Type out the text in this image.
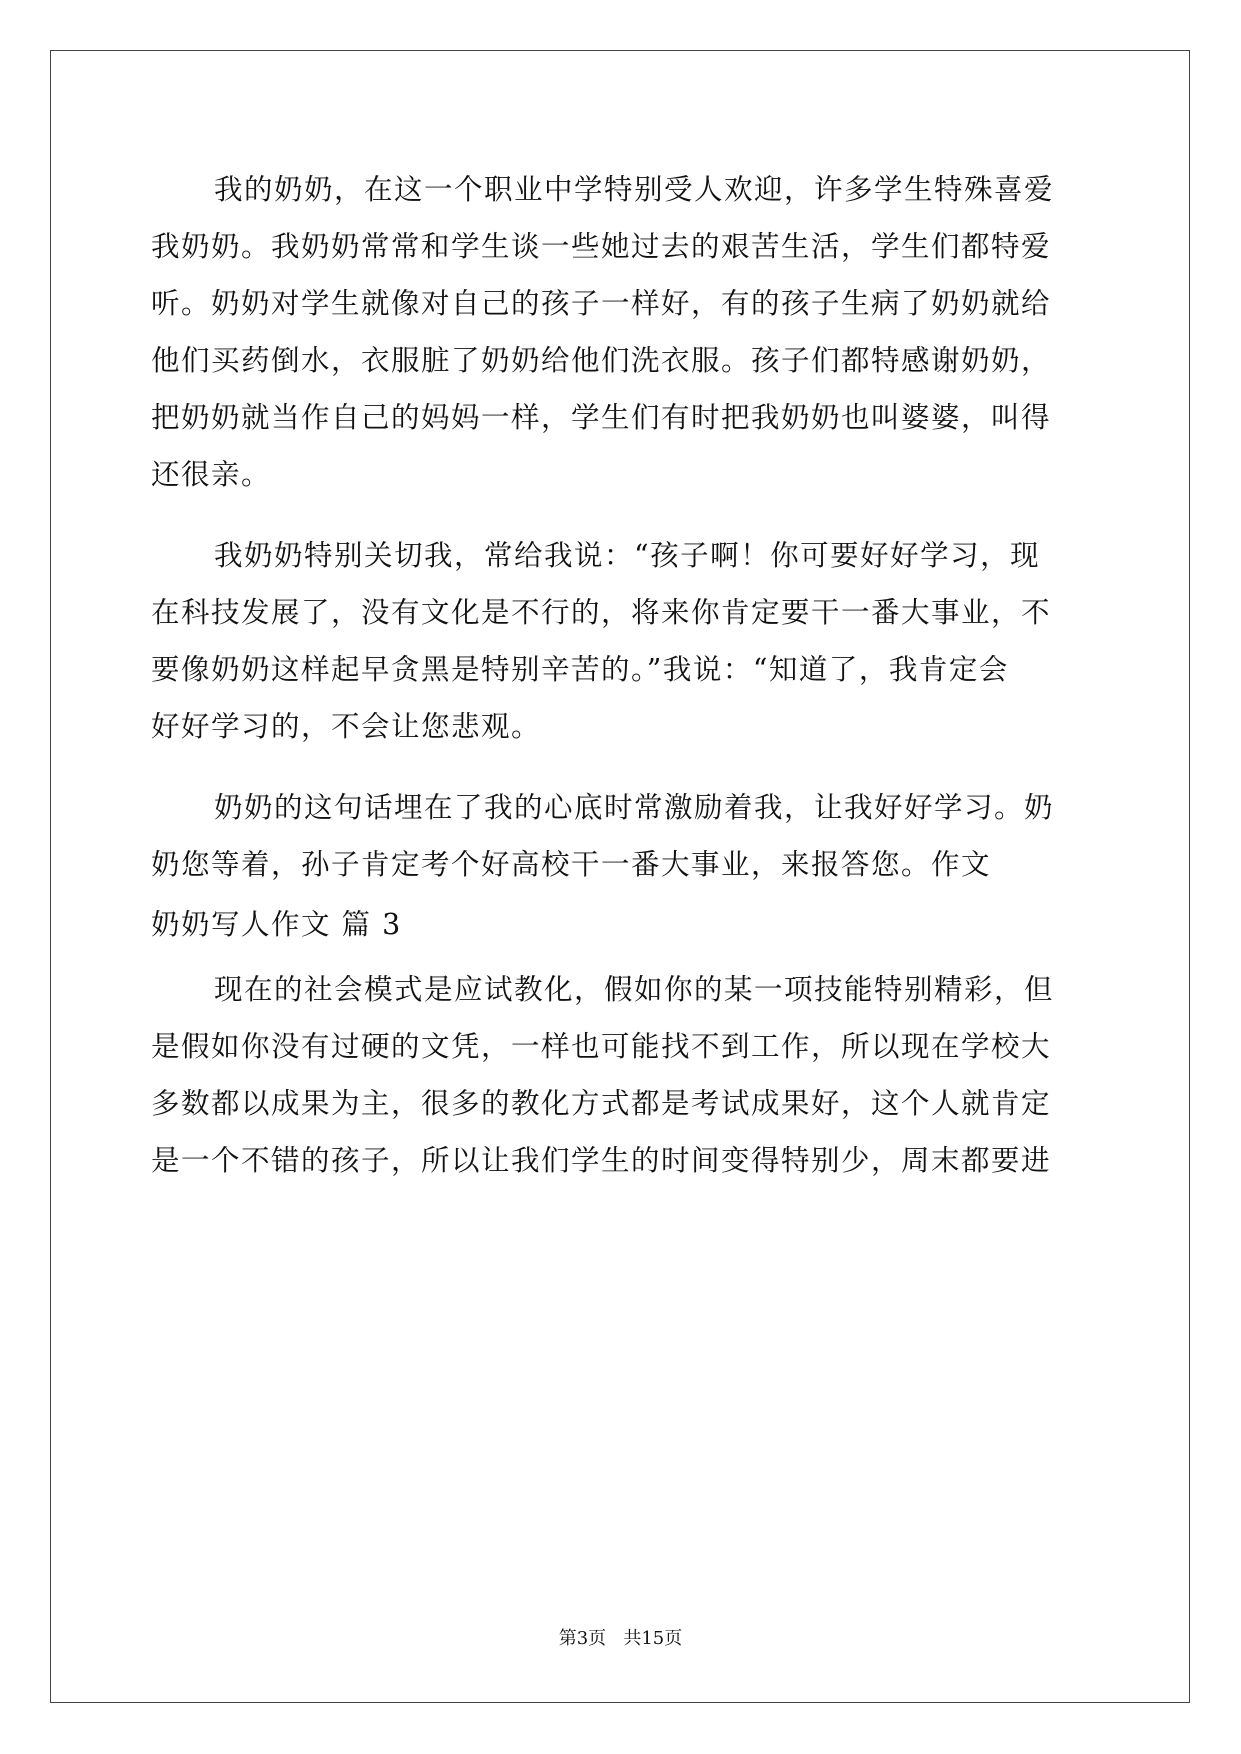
我的奶奶，在这一个职业中学特别受人欢迎，许多学生特殊喜爱
我奶奶。我奶奶常常和学生谈一些她过去的艰苦生活，学生们都特爱
听。奶奶对学生就像对自己的孩子一样好，有的孩子生病了奶奶就给
他们买药倒水，衣服脏了奶奶给他们洗衣服。孩子们都特感谢奶奶，
把奶奶就当作自己的妈妈一样，学生们有时把我奶奶也叫婆婆，叫得
还很亲。
我奶奶特别关切我，常给我说：“孩子啊！你可要好好学习，现
在科技发展了，没有文化是不行的，将来你肯定要干一番大事业，不
要像奶奶这样起早贪黑是特别辛苦的。”我说：“知道了，我肯定会
好好学习的，不会让您悲观。
奶奶的这句话埋在了我的心底时常激励着我，让我好好学习。奶
奶您等着，孙子肯定考个好高校干一番大事业，来报答您。作文
奶奶写人作文 篇 3
现在的社会模式是应试教化，假如你的某一项技能特别精彩，但
是假如你没有过硬的文凭，一样也可能找不到工作，所以现在学校大
多数都以成果为主，很多的教化方式都是考试成果好，这个人就肯定
是一个不错的孩子，所以让我们学生的时间变得特别少，周末都要进
第3页   共15页
